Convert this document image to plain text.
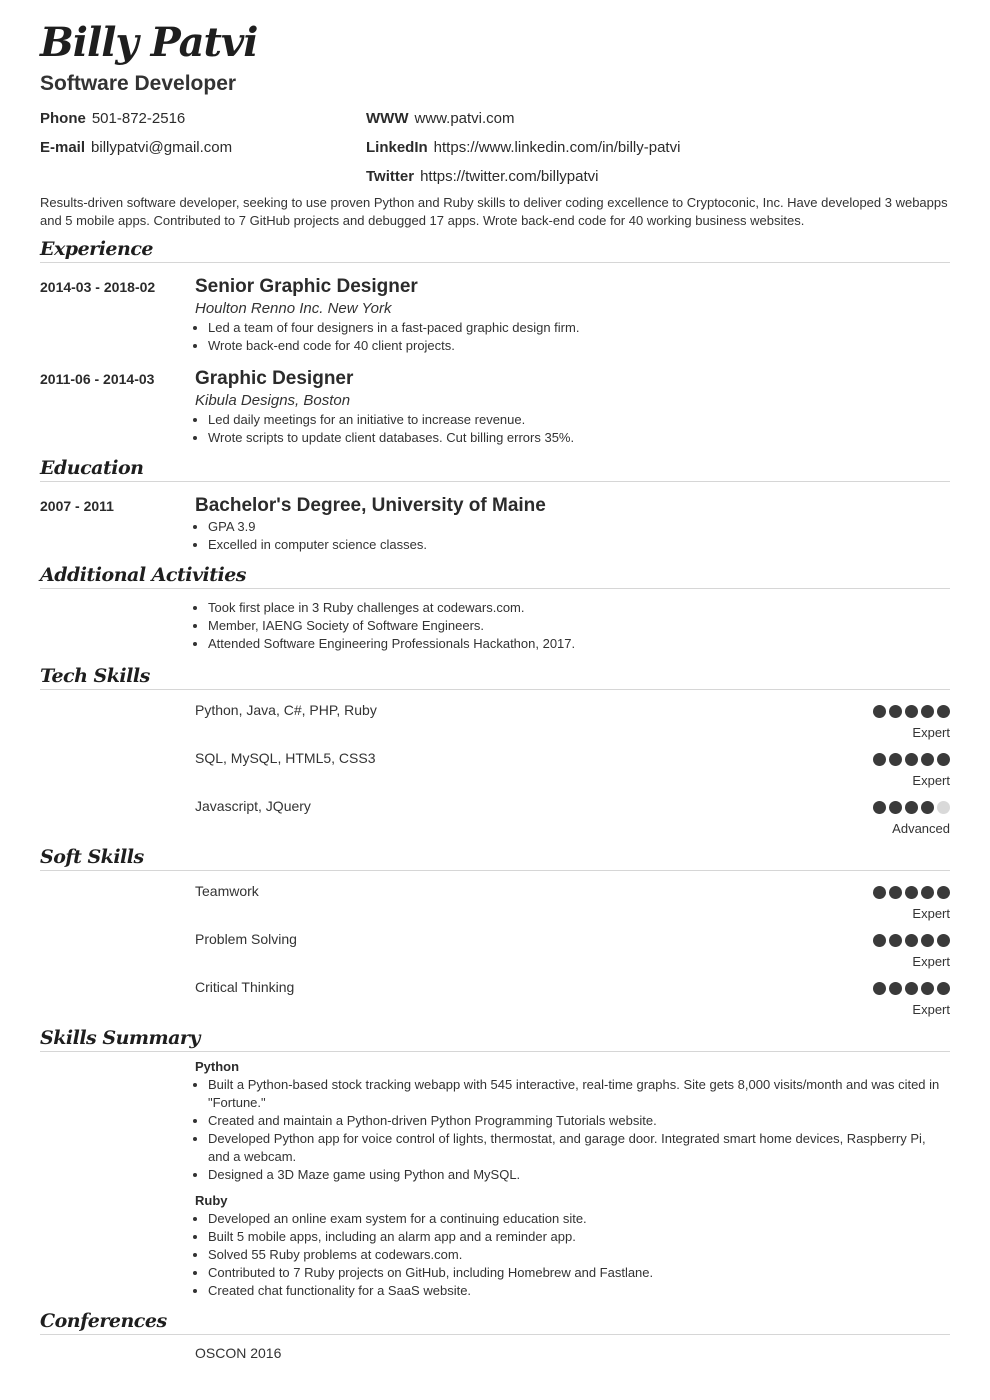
Billy Patvi
Software Developer
Phone 501-872-2516
E-mail billypatvi@gmail.com
WWW www.patvi.com
LinkedIn https://www.linkedin.com/in/billy-patvi
Twitter https://twitter.com/billypatvi
Results-driven software developer, seeking to use proven Python and Ruby skills to deliver coding excellence to Cryptoconic, Inc. Have developed 3 webapps and 5 mobile apps. Contributed to 7 GitHub projects and debugged 17 apps. Wrote back-end code for 40 working business websites.
Experience
2014-03 - 2018-02 Senior Graphic Designer
Houlton Renno Inc. New York
• Led a team of four designers in a fast-paced graphic design firm.
• Wrote back-end code for 40 client projects.
2011-06 - 2014-03 Graphic Designer
Kibula Designs, Boston
• Led daily meetings for an initiative to increase revenue.
• Wrote scripts to update client databases. Cut billing errors 35%.
Education
2007 - 2011	Bachelor's Degree, University of Maine
• GPA 3.9
• Excelled in computer science classes.
Additional Activities
• Took first place in 3 Ruby challenges at codewars.com.
• Member, IAENG Society of Software Engineers.
• Attended Software Engineering Professionals Hackathon, 2017.
Tech Skills
Python, Java, C#, PHP, Ruby
Expert
SQL, MySQL, HTML5, CSS3
Expert
Javascript, JQuery
Advanced
Soft Skills
Teamwork
Expert
Problem Solving
Expert
Critical Thinking
Expert
Skills Summary
Python
• Built a Python-based stock tracking webapp with 545 interactive, real-time graphs. Site gets 8,000 visits/month and was cited in "Fortune."
• Created and maintain a Python-driven Python Programming Tutorials website.
• Developed Python app for voice control of lights, thermostat, and garage door. Integrated smart home devices, Raspberry Pi, and a webcam.
• Designed a 3D Maze game using Python and MySQL.
Ruby
• Developed an online exam system for a continuing education site.
• Built 5 mobile apps, including an alarm app and a reminder app.
• Solved 55 Ruby problems at codewars.com.
• Contributed to 7 Ruby projects on GitHub, including Homebrew and Fastlane.
• Created chat functionality for a SaaS website.
Conferences
OSCON 2016
